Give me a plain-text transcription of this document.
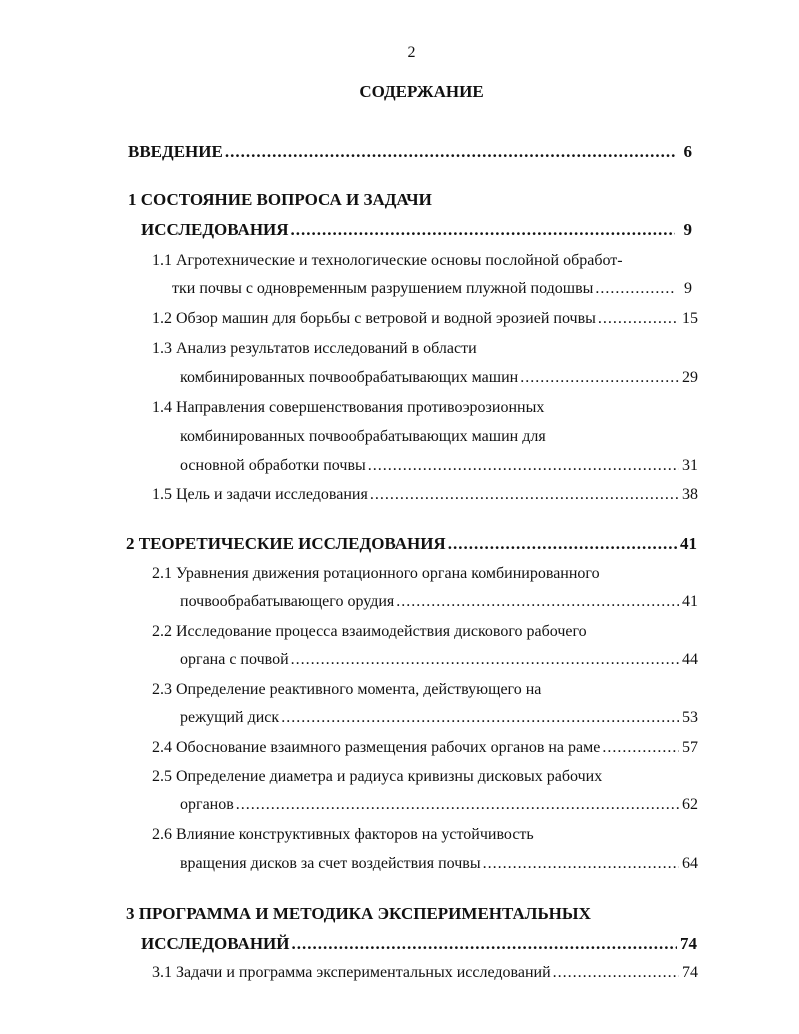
2
СОДЕРЖАНИЕ
ВВЕДЕНИЕ .....	6
1 СОСТОЯНИЕ ВОПРОСА И ЗАДАЧИ
ИССЛЕДОВАНИЯ .....	9
1.1 Агротехнические и технологические основы послойной обработ-
тки почвы с одновременным разрушением плужной подошвы .....	9
1.2 Обзор машин для борьбы с ветровой и водной эрозией почвы .....	15
1.3 Анализ результатов исследований в области
комбинированных почвообрабатывающих машин .....	29
1.4 Направления совершенствования противоэрозионных
комбинированных почвообрабатывающих машин для
основной обработки почвы .....	31
1.5 Цель и задачи исследования .....	38
2 ТЕОРЕТИЧЕСКИЕ ИССЛЕДОВАНИЯ .....	41
2.1 Уравнения движения ротационного органа комбинированного
почвообрабатывающего орудия .....	41
2.2 Исследование процесса взаимодействия дискового рабочего
органа с почвой .....	44
2.3 Определение реактивного момента, действующего на
режущий диск .....	53
2.4 Обоснование взаимного размещения рабочих органов на раме .....	57
2.5 Определение диаметра и радиуса кривизны дисковых рабочих
органов .....	62
2.6 Влияние конструктивных факторов на устойчивость
вращения дисков за счет воздействия почвы .....	64
3 ПРОГРАММА И МЕТОДИКА ЭКСПЕРИМЕНТАЛЬНЫХ
ИССЛЕДОВАНИЙ .....	74
3.1 Задачи и программа экспериментальных исследований .....	74
